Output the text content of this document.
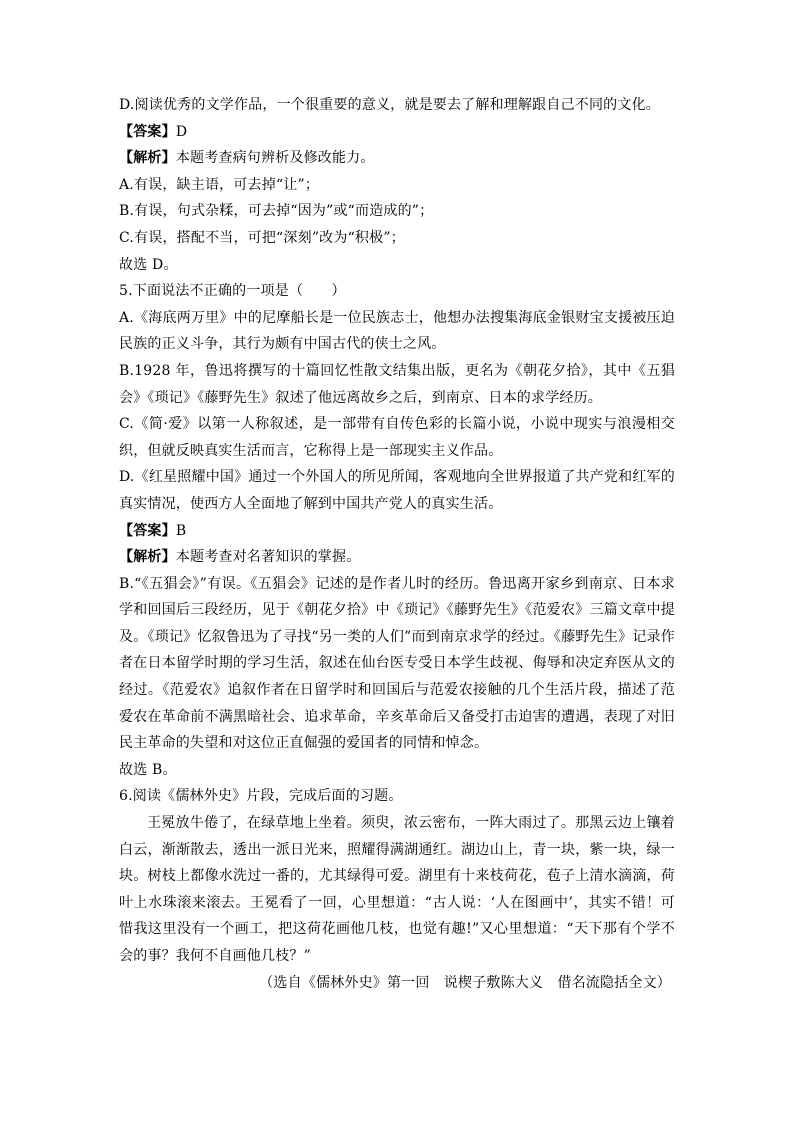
D.阅读优秀的文学作品，一个很重要的意义，就是要去了解和理解跟自己不同的文化。
【答案】D
【解析】本题考查病句辨析及修改能力。
A.有误，缺主语，可去掉“让”；
B.有误，句式杂糅，可去掉“因为”或“而造成的”；
C.有误，搭配不当，可把“深刻”改为“积极”；
故选 D。
5.下面说法不正确的一项是（　　）
A.《海底两万里》中的尼摩船长是一位民族志士，他想办法搜集海底金银财宝支援被压迫民族的正义斗争，其行为颇有中国古代的侠士之风。
B.1928 年，鲁迅将撰写的十篇回忆性散文结集出版，更名为《朝花夕拾》，其中《五猖会》《琐记》《藤野先生》叙述了他远离故乡之后，到南京、日本的求学经历。
C.《简·爱》以第一人称叙述，是一部带有自传色彩的长篇小说，小说中现实与浪漫相交织，但就反映真实生活而言，它称得上是一部现实主义作品。
D.《红星照耀中国》通过一个外国人的所见所闻，客观地向全世界报道了共产党和红军的真实情况，使西方人全面地了解到中国共产党人的真实生活。
【答案】B
【解析】本题考查对名著知识的掌握。
B.“《五猖会》”有误。《五猖会》记述的是作者儿时的经历。鲁迅离开家乡到南京、日本求学和回国后三段经历，见于《朝花夕拾》中《琐记》《藤野先生》《范爱农》三篇文章中提及。《琐记》忆叙鲁迅为了寻找“另一类的人们”而到南京求学的经过。《藤野先生》记录作者在日本留学时期的学习生活，叙述在仙台医专受日本学生歧视、侮辱和决定弃医从文的经过。《范爱农》追叙作者在日留学时和回国后与范爱农接触的几个生活片段，描述了范爱农在革命前不满黑暗社会、追求革命，辛亥革命后又备受打击迫害的遭遇，表现了对旧民主革命的失望和对这位正直倔强的爱国者的同情和悼念。
故选 B。
6.阅读《儒林外史》片段，完成后面的习题。
王冕放牛倦了，在绿草地上坐着。须臾，浓云密布，一阵大雨过了。那黑云边上镶着白云，渐渐散去，透出一派日光来，照耀得满湖通红。湖边山上，青一块，紫一块，绿一块。树枝上都像水洗过一番的，尤其绿得可爱。湖里有十来枝荷花，苞子上清水滴滴，荷叶上水珠滚来滚去。王冕看了一回，心里想道：“古人说：‘人在图画中’，其实不错！可惜我这里没有一个画工，把这荷花画他几枝，也觉有趣!”又心里想道：“天下那有个学不会的事？我何不自画他几枝？”
（选自《儒林外史》第一回　说楔子敷陈大义　借名流隐括全文）
